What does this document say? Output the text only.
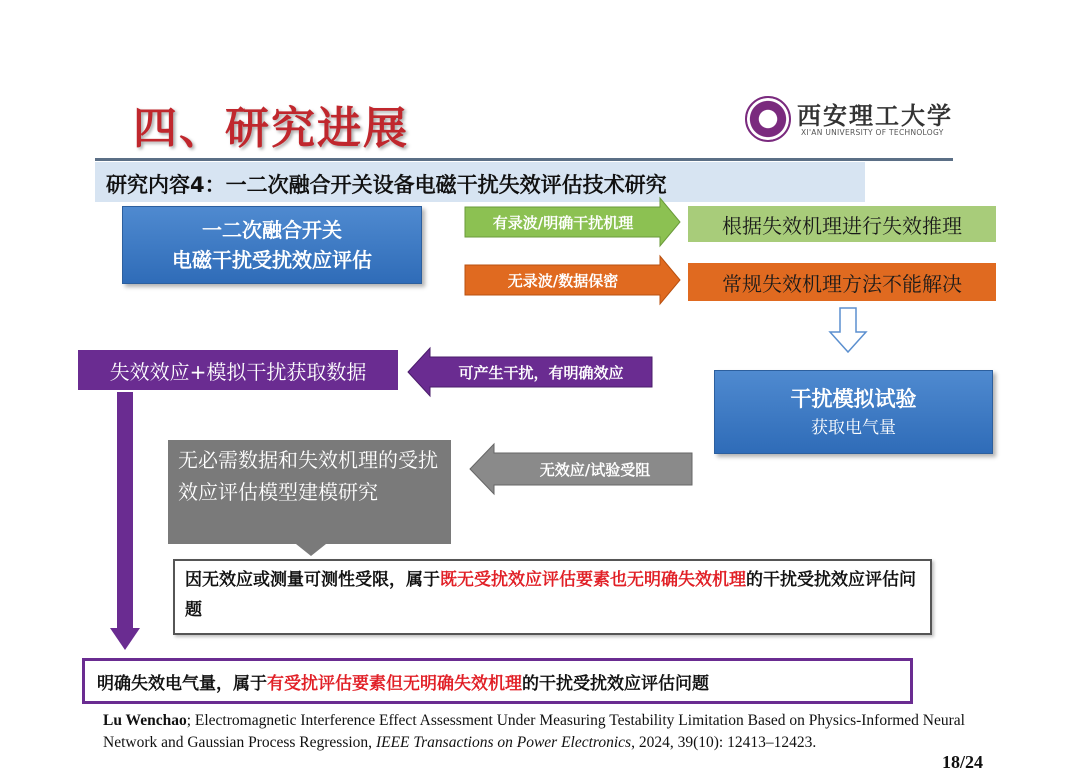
四、研究进展	西安理工大学
XI'AN UNIVERSITY OF TECHNOLOGY
研究内容4：一二次融合开关设备电磁干扰失效评估技术研究
一二次融合开关
电磁干扰受扰效应评估
有录波/明确干扰机理
无录波/数据保密
根据失效机理进行失效推理
常规失效机理方法不能解决
失效效应+模拟干扰获取数据	可产生干扰，有明确效应
干扰模拟试验
获取电气量
无效应/试验受阻
无必需数据和失效机理的受扰效应评估模型建模研究
因无效应或测量可测性受限，属于既无受扰效应评估要素也无明确失效机理的干扰受扰效应评估问题
明确失效电气量，属于 有受扰评估要素但无明确失效机理 的干扰受扰效应评估问题
Lu Wenchao; Electromagnetic Interference Effect Assessment Under Measuring Testability Limitation Based on Physics-Informed Neural Network and Gaussian Process Regression, IEEE Transactions on Power Electronics, 2024, 39(10): 12413–12423.
18/24
